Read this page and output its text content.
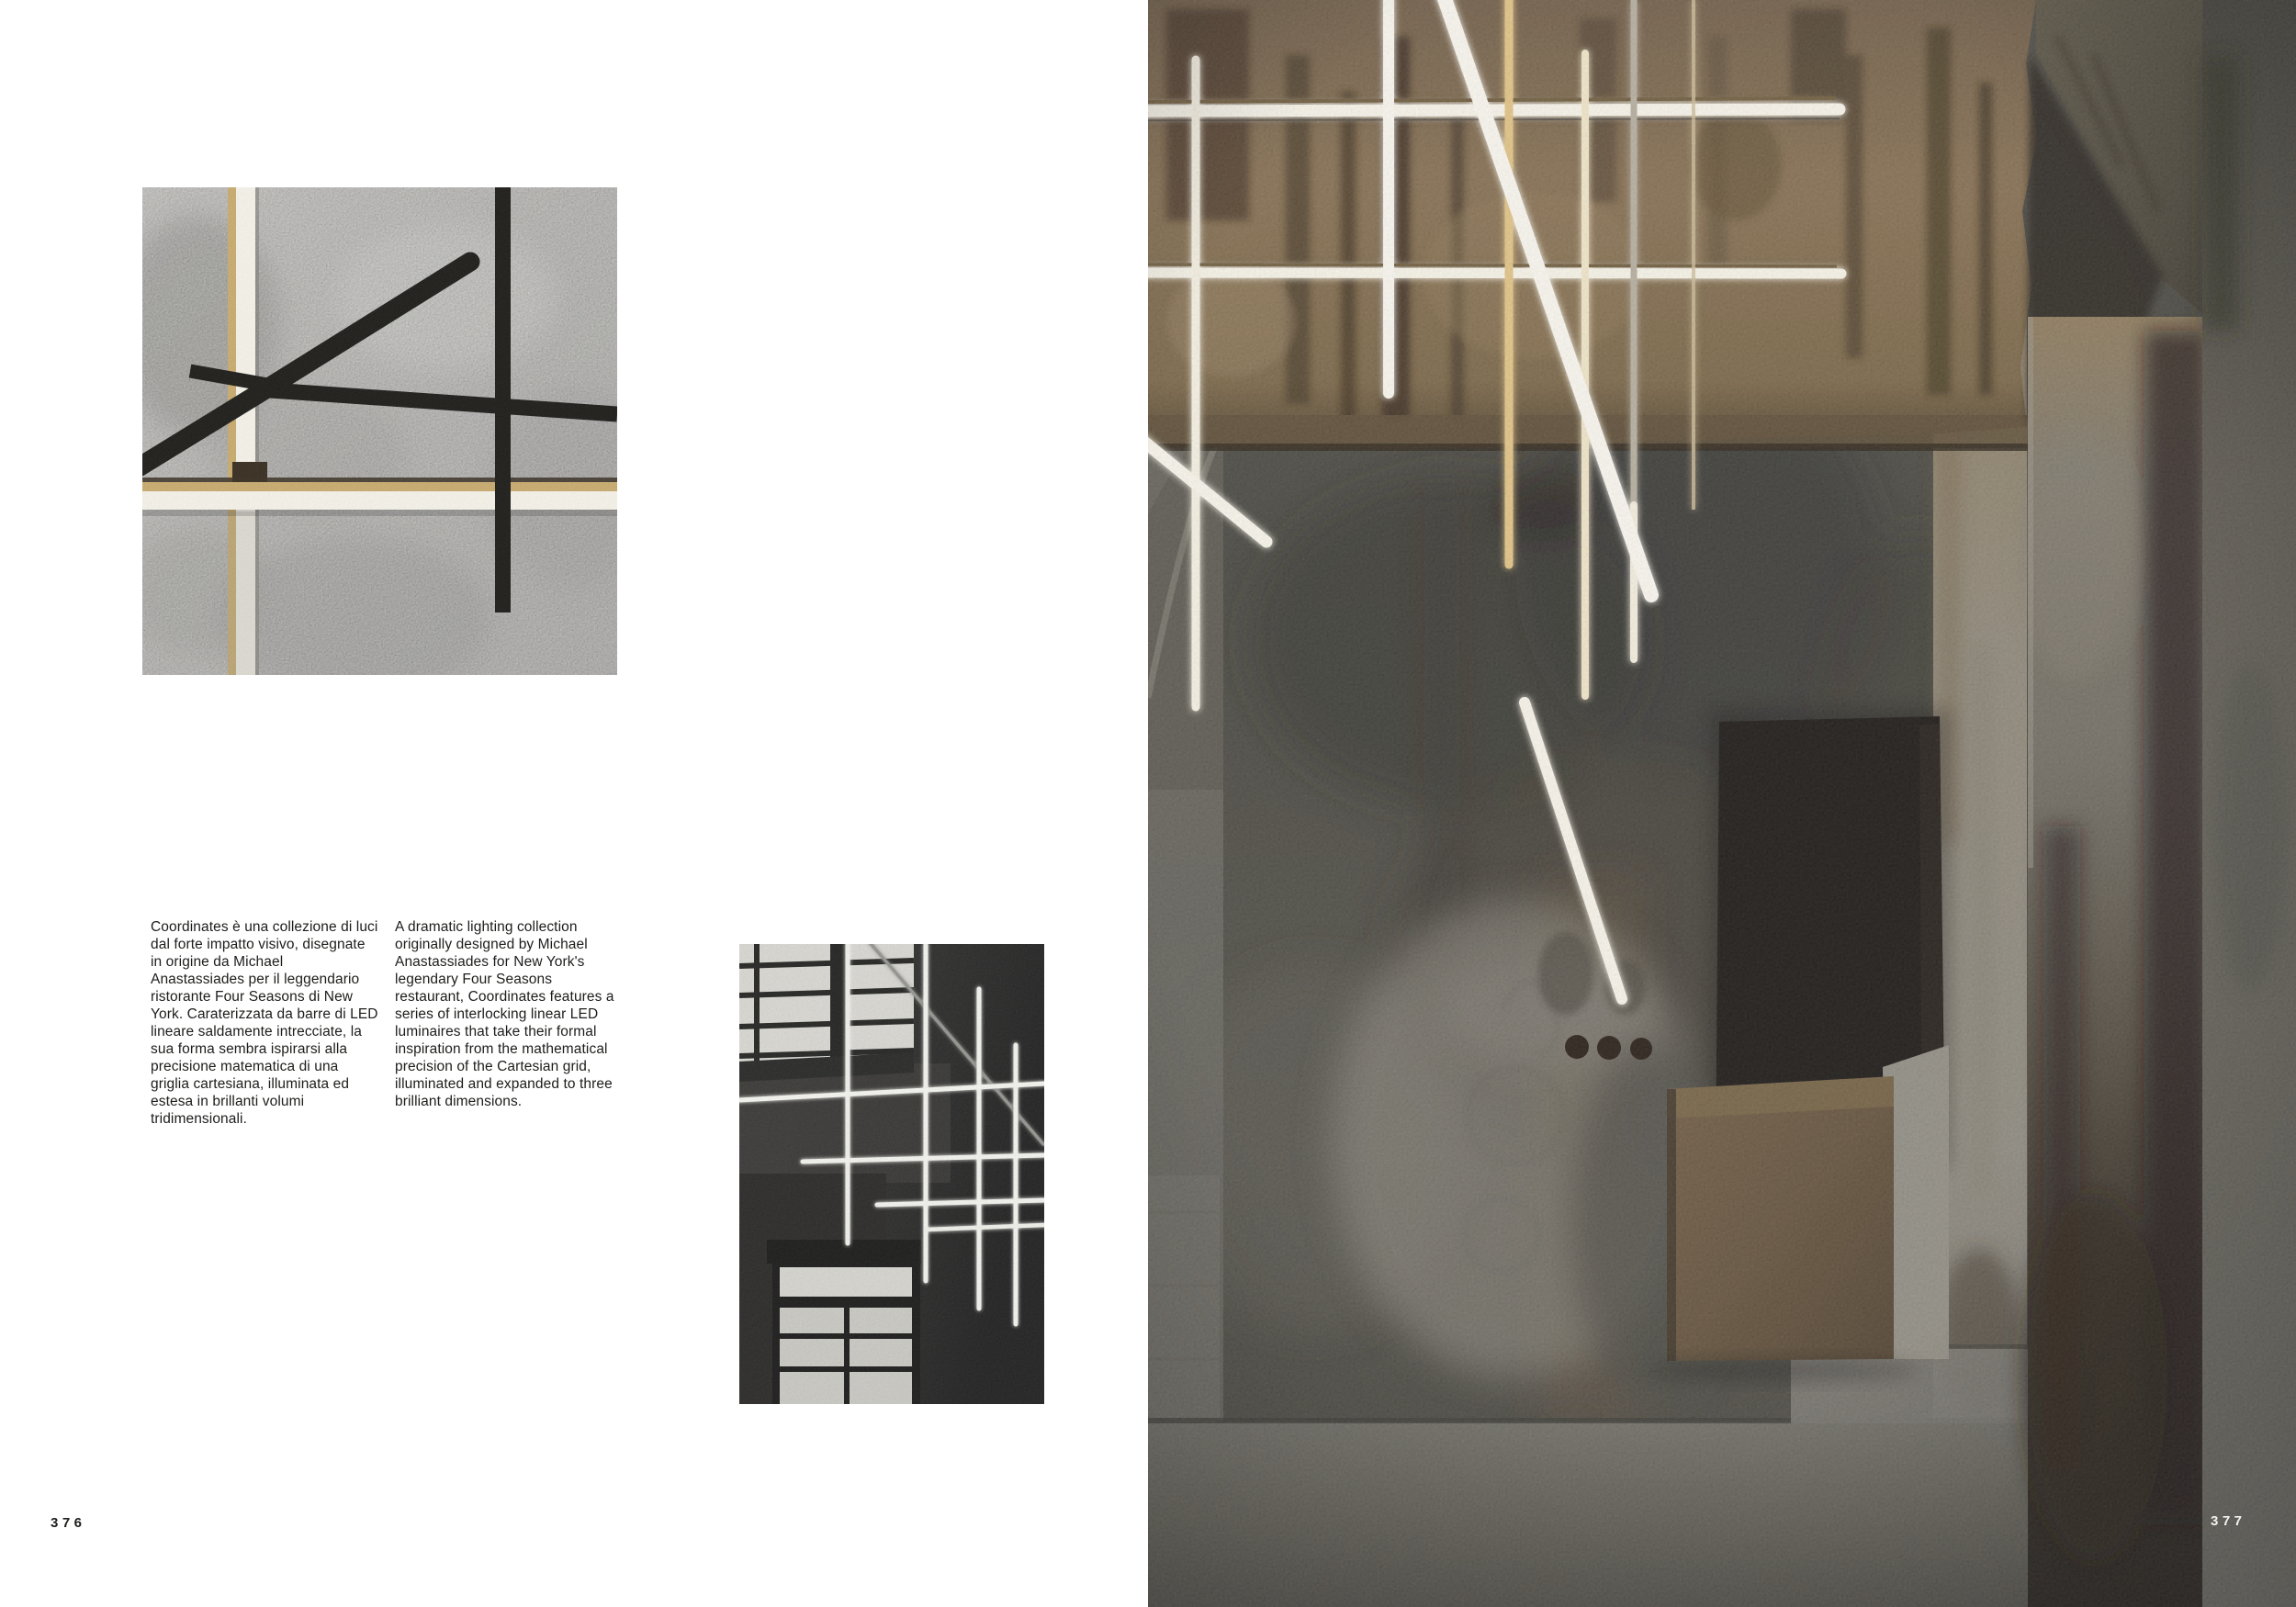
Coordinates è una collezione di luci dal forte impatto visivo, disegnate in origine da Michael Anastassiades per il leggendario ristorante Four Seasons di New York. Caraterizzata da barre di LED lineare saldamente intrecciate, la sua forma sembra ispirarsi alla precisione matematica di una griglia cartesiana, illuminata ed estesa in brillanti volumi tridimensionali.
A dramatic lighting collection originally designed by Michael Anastassiades for New York's legendary Four Seasons restaurant, Coordinates features a series of interlocking linear LED luminaires that take their formal inspiration from the mathematical precision of the Cartesian grid, illuminated and expanded to three brilliant dimensions.
376	377
